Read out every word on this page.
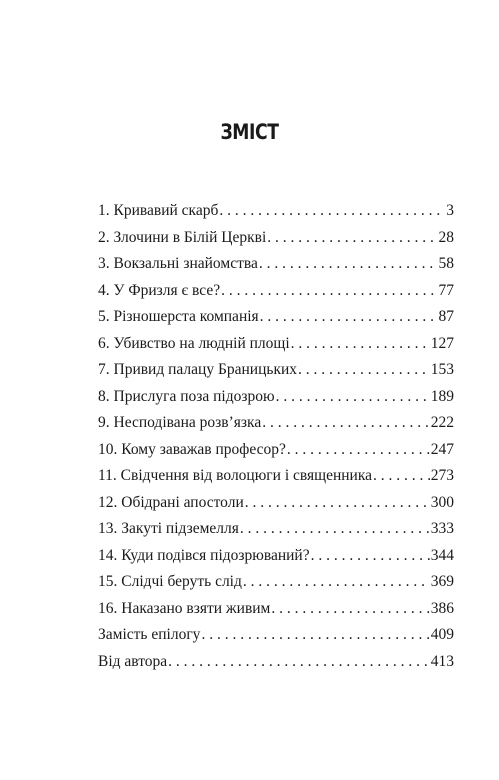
ЗМІСТ
1. Кривавий скарб . . .	3
2. Злочини в Білій Церкві . . .	28
3. Вокзальні знайомства . . .	58
4. У Фризля є все? . . .	77
5. Різношерста компанія . . .	87
6. Убивство на людній площі . . .	127
7. Привид палацу Браницьких . . .	153
8. Прислуга поза підозрою . . .	189
9. Несподівана розв’язка . . .	222
10. Кому заважав професор? . . .	247
11. Свідчення від волоцюги і священника . . .	273
12. Обідрані апостоли . . .	300
13. Закуті підземелля . . .	333
14. Куди подівся підозрюваний? . . .	344
15. Слідчі беруть слід . . .	369
16. Наказано взяти живим . . .	386
Замість епілогу . . .	409
Від автора . . .	413
